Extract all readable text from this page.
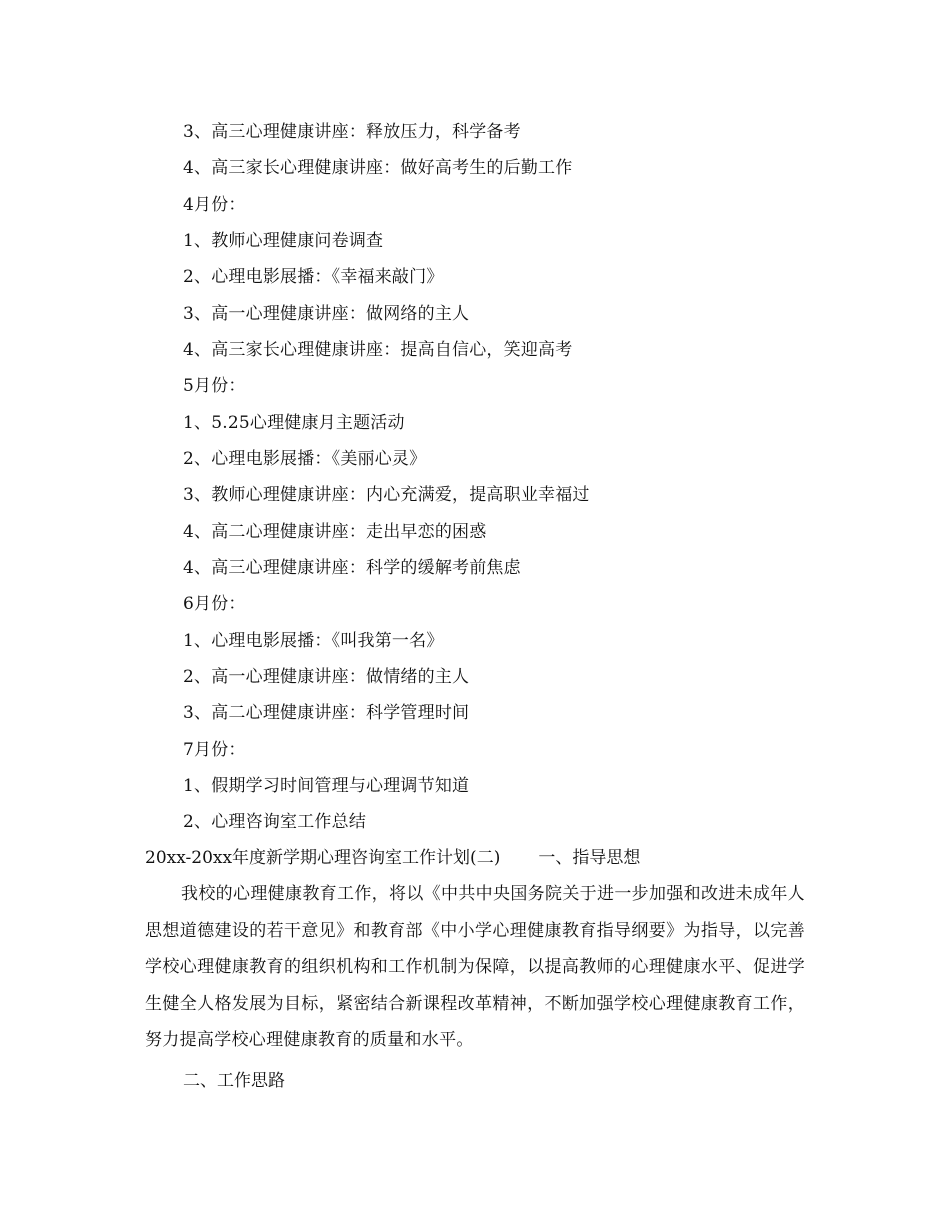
3、高三心理健康讲座：释放压力，科学备考
4、高三家长心理健康讲座：做好高考生的后勤工作
4月份：
1、教师心理健康问卷调查
2、心理电影展播：《幸福来敲门》
3、高一心理健康讲座：做网络的主人
4、高三家长心理健康讲座：提高自信心，笑迎高考
5月份：
1、5.25心理健康月主题活动
2、心理电影展播：《美丽心灵》
3、教师心理健康讲座：内心充满爱，提高职业幸福过
4、高二心理健康讲座：走出早恋的困惑
4、高三心理健康讲座：科学的缓解考前焦虑
6月份：
1、心理电影展播：《叫我第一名》
2、高一心理健康讲座：做情绪的主人
3、高二心理健康讲座：科学管理时间
7月份：
1、假期学习时间管理与心理调节知道
2、心理咨询室工作总结
20xx-20xx年度新学期心理咨询室工作计划(二) 一、指导思想
我校的心理健康教育工作，将以《中共中央国务院关于进一步加强和改进未成年人思想道德建设的若干意见》和教育部《中小学心理健康教育指导纲要》为指导，以完善学校心理健康教育的组织机构和工作机制为保障，以提高教师的心理健康水平、促进学生健全人格发展为目标，紧密结合新课程改革精神，不断加强学校心理健康教育工作，努力提高学校心理健康教育的质量和水平。
二、工作思路
